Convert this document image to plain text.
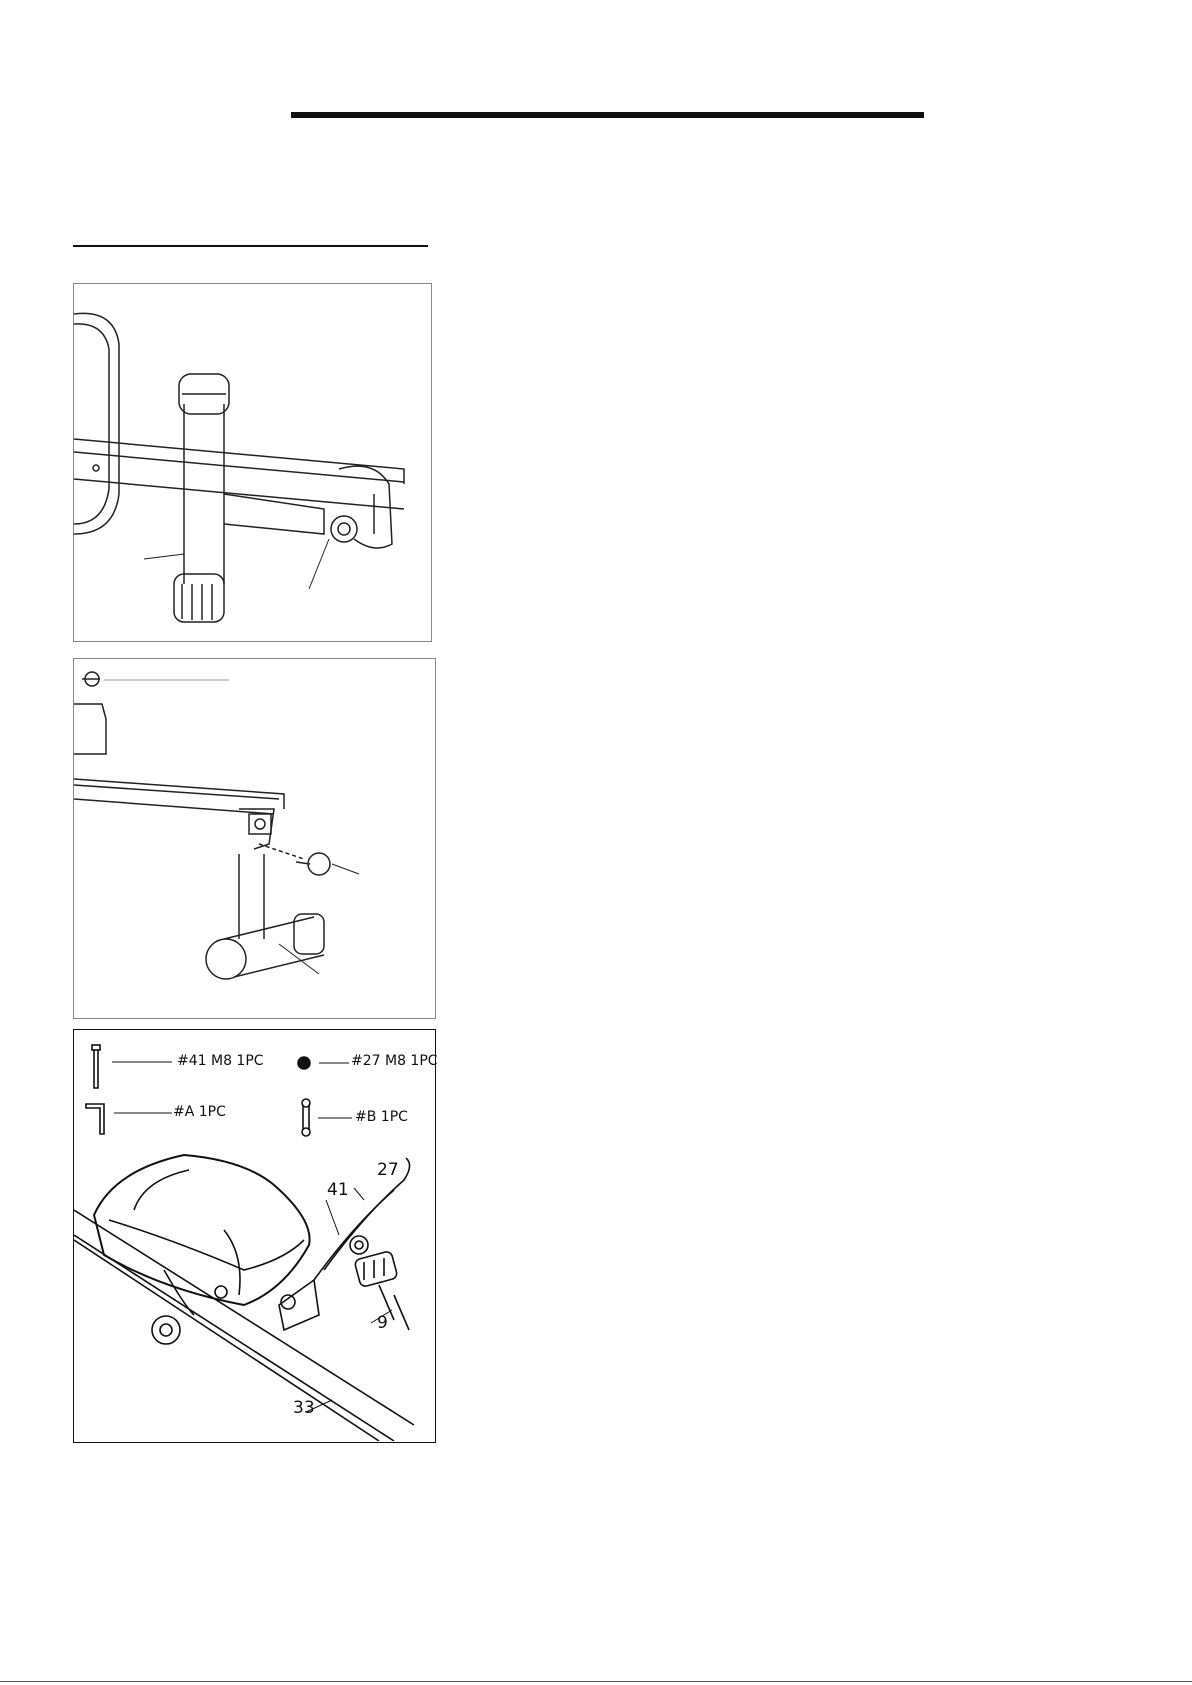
#41 M8 1PC	#27 M8 1PC
#A 1PC	#B 1PC
27
41
9
33
